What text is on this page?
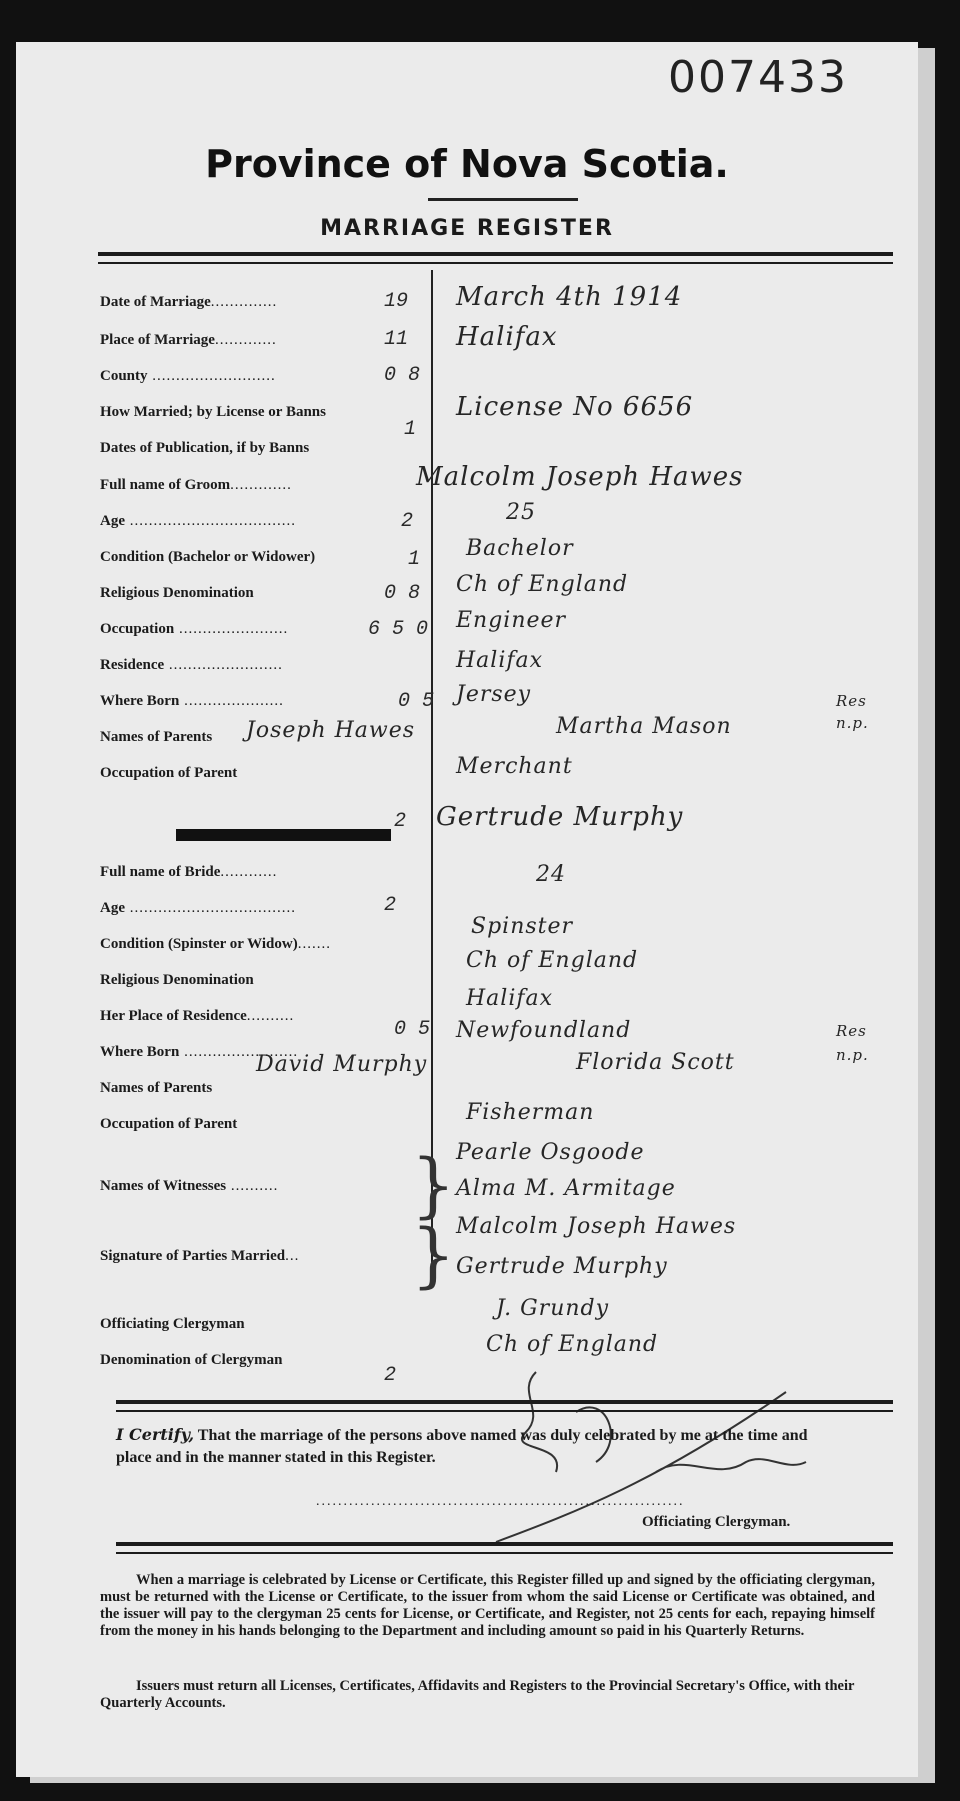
007433
Province of Nova Scotia.
MARRIAGE REGISTER
Date of Marriage..............
Place of Marriage.............
County ..........................
How Married; by License or Banns
Dates of Publication, if by Banns
Full name of Groom.............
Age ...................................
Condition (Bachelor or Widower)
Religious Denomination
Occupation .......................
Residence ........................
Where Born .....................
Names of Parents
Occupation of Parent
Full name of Bride............
Age ...................................
Condition (Spinster or Widow).......
Religious Denomination
Her Place of Residence..........
Where Born ........................
Names of Parents
Occupation of Parent
Names of Witnesses ..........
Signature of Parties Married...
Officiating Clergyman
Denomination of Clergyman
}
}
19
11
0 8
1
2
1
0 8
6 5 0
0 5
2
2
0 5
2
March 4th 1914
Halifax
License No 6656
Malcolm Joseph Hawes
25
Bachelor
Ch of England
Engineer
Halifax
Jersey
Martha Mason
Merchant
Joseph Hawes
Res
n.p.
Gertrude Murphy
24
Spinster
Ch of England
Halifax
Newfoundland
Florida Scott
Fisherman
David Murphy
Res
n.p.
Pearle Osgoode
Alma M. Armitage
Malcolm Joseph Hawes
Gertrude Murphy
J. Grundy
Ch of England
I Certify, That the marriage of the persons above named was duly celebrated by me at the time and place and in the manner stated in this Register.
...................................................................
Officiating Clergyman.
When a marriage is celebrated by License or Certificate, this Register filled up and signed by the officiating clergyman, must be returned with the License or Certificate, to the issuer from whom the said License or Certificate was obtained, and the issuer will pay to the clergyman 25 cents for License, or Certificate, and Register, not 25 cents for each, repaying himself from the money in his hands belonging to the Department and including amount so paid in his Quarterly Returns.
Issuers must return all Licenses, Certificates, Affidavits and Registers to the Provincial Secretary's Office, with their Quarterly Accounts.
